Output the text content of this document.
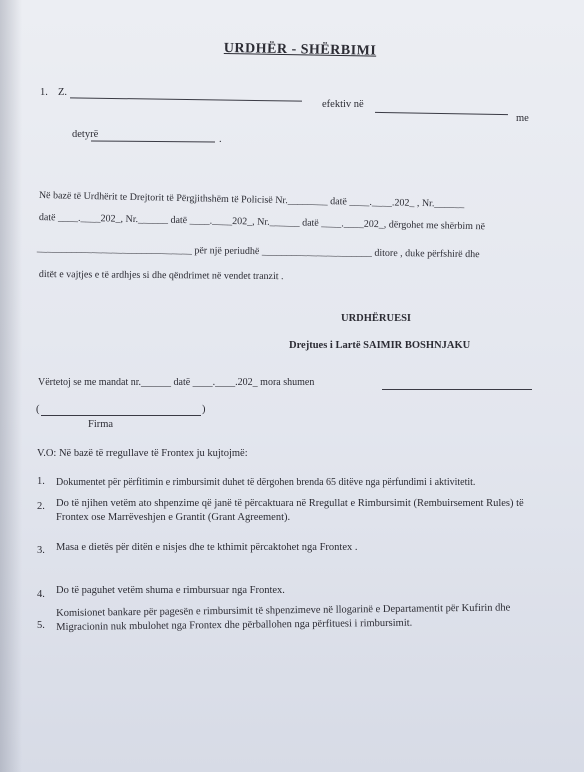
URDHËR - SHËRBIMI
1. Z.
efektiv në
me
detyrë	.
Në bazë të Urdhërit te Drejtorit të Përgjithshëm të Policisë Nr.________ datë ____.____.202_ , Nr.______
datë ____.____202_, Nr.______ datë ____.____202_, Nr.______ datë ____.____202_, dërgohet me shërbim në
_______________________________ për një periudhë ______________________ ditore , duke përfshirë dhe
ditët e vajtjes e të ardhjes si dhe qëndrimet në vendet tranzit .
URDHËRUESI
Drejtues i Lartë SAIMIR BOSHNJAKU
Vërtetoj se me mandat nr.______ datë ____.____.202_ mora shumen
(	)
Firma
V.O: Në bazë të rregullave të Frontex ju kujtojmë:
1. Dokumentet për përfitimin e rimbursimit duhet të dërgohen brenda 65 ditëve nga përfundimi i aktivitetit.
2. Do të njihen vetëm ato shpenzime që janë të përcaktuara në Rregullat e Rimbursimit (Rembuirsement Rules) të Frontex ose Marrëveshjen e Grantit (Grant Agreement).
3. Masa e dietës për ditën e nisjes dhe te kthimit përcaktohet nga Frontex .
4. Do të paguhet vetëm shuma e rimbursuar nga Frontex.
5.
Komisionet bankare për pagesën e rimbursimit të shpenzimeve në llogarinë e Departamentit për Kufirin dhe Migracionin nuk mbulohet nga Frontex dhe përballohen nga përfituesi i rimbursimit.
